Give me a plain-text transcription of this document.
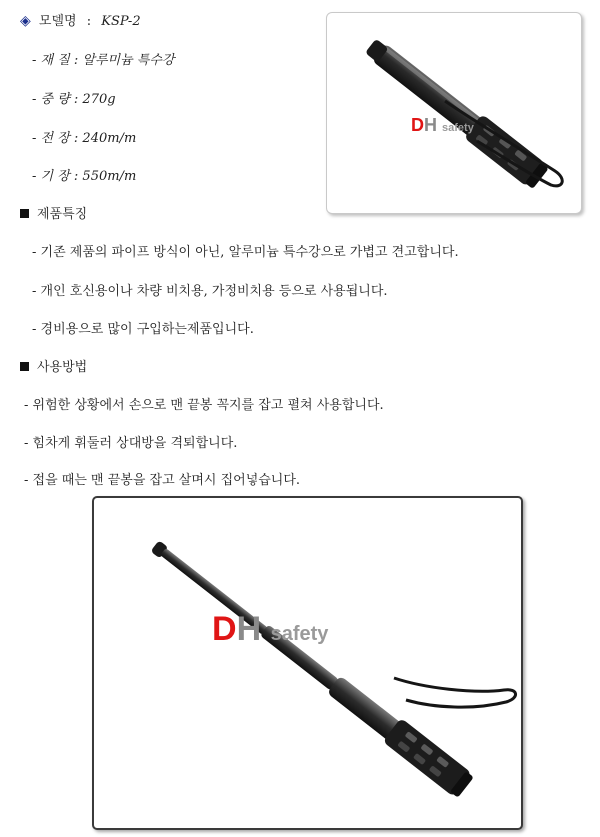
◈ 모델명 : KSP-2
- 재 질 : 알루미늄 특수강
- 중 량 : 270g
- 전 장 : 240m/m
- 기 장 : 550m/m
제품특징
- 기존 제품의 파이프 방식이 아닌, 알루미늄 특수강으로 가볍고 견고합니다.
- 개인 호신용이나 차량 비치용, 가정비치용 등으로 사용됩니다.
- 경비용으로 많이 구입하는제품입니다.
사용방법
- 위험한 상황에서 손으로 맨 끝봉 꼭지를 잡고 펼쳐 사용합니다.
- 힘차게 휘둘러 상대방을 격퇴합니다.
- 접을 때는 맨 끝봉을 잡고 살며시 집어넣습니다.
DH safety
DH safety
